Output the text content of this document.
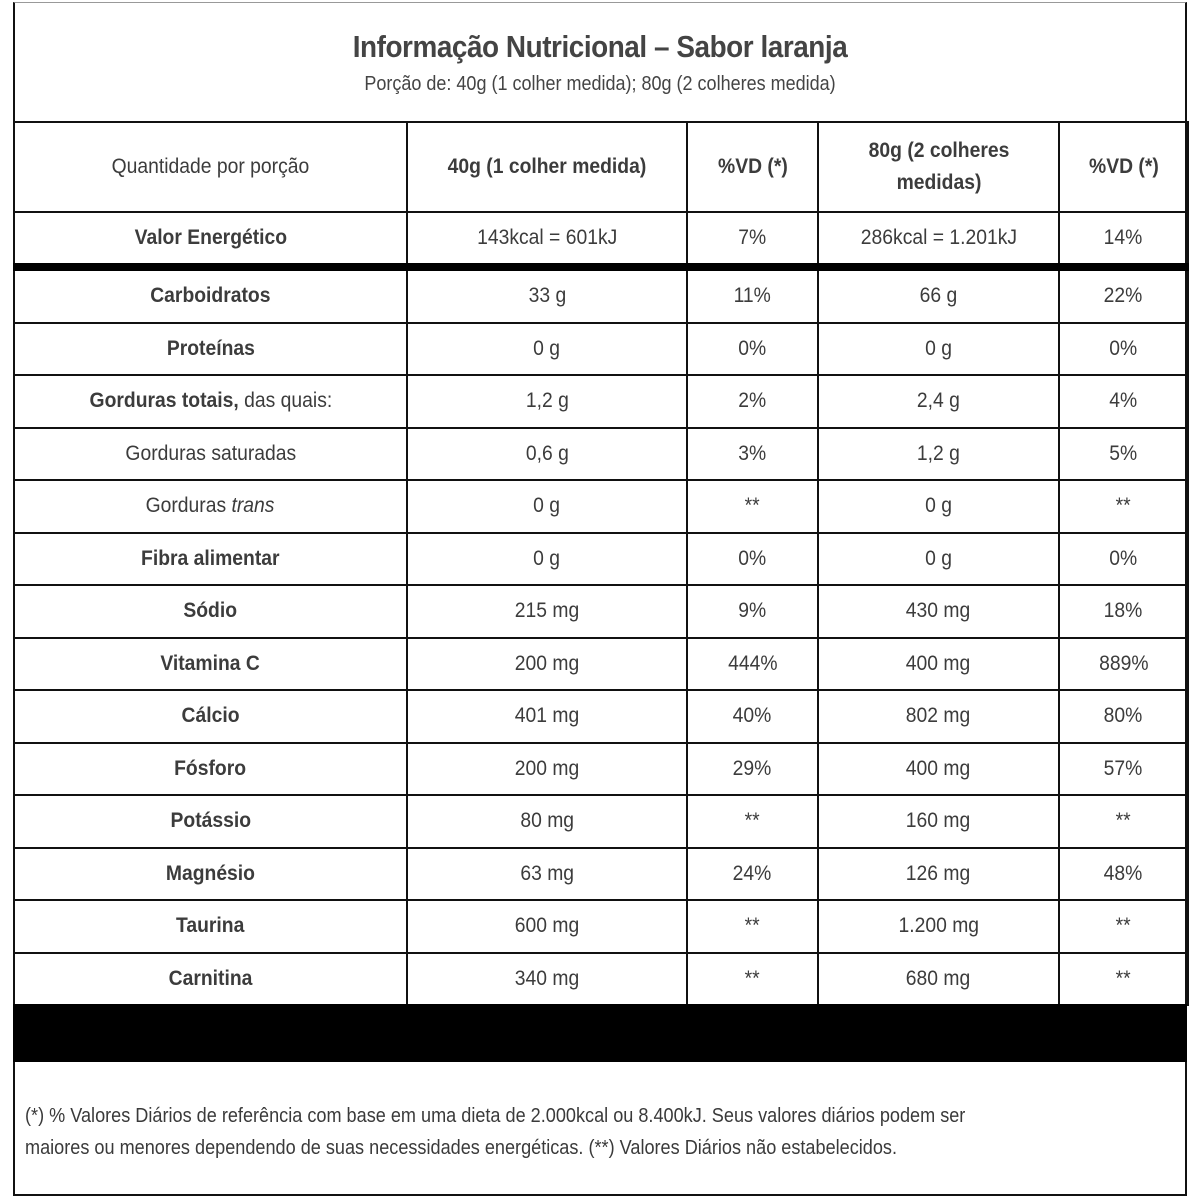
Informação Nutricional – Sabor laranja
Porção de: 40g (1 colher medida); 80g (2 colheres medida)
Quantidade por porção	40g (1 colher medida)	%VD (*)	80g (2 colheres medidas)	%VD (*)
Valor Energético	143kcal = 601kJ	7%	286kcal = 1.201kJ	14%
Carboidratos	33 g	11%	66 g	22%
Proteínas	0 g	0%	0 g	0%
Gorduras totais, das quais:	1,2 g	2%	2,4 g	4%
Gorduras saturadas	0,6 g	3%	1,2 g	5%
Gorduras trans	0 g	**	0 g	**
Fibra alimentar	0 g	0%	0 g	0%
Sódio	215 mg	9%	430 mg	18%
Vitamina C	200 mg	444%	400 mg	889%
Cálcio	401 mg	40%	802 mg	80%
Fósforo	200 mg	29%	400 mg	57%
Potássio	80 mg	**	160 mg	**
Magnésio	63 mg	24%	126 mg	48%
Taurina	600 mg	**	1.200 mg	**
Carnitina	340 mg	**	680 mg	**
(*) % Valores Diários de referência com base em uma dieta de 2.000kcal ou 8.400kJ. Seus valores diários podem ser
maiores ou menores dependendo de suas necessidades energéticas. (**) Valores Diários não estabelecidos.
